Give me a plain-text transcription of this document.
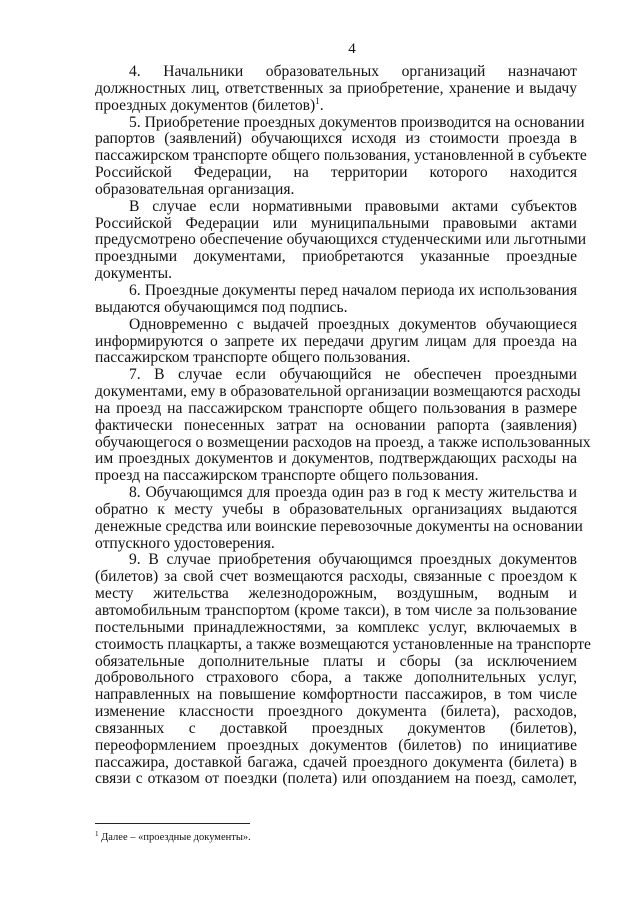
4
4. Начальники образовательных организаций назначают
должностных лиц, ответственных за приобретение, хранение и выдачу
проездных документов (билетов)$^1$.
5. Приобретение проездных документов производится на основании
рапортов (заявлений) обучающихся исходя из стоимости проезда в
пассажирском транспорте общего пользования, установленной в субъекте
Российской Федерации, на территории которого находится
образовательная организация.
В случае если нормативными правовыми актами субъектов
Российской Федерации или муниципальными правовыми актами
предусмотрено обеспечение обучающихся студенческими или льготными
проездными документами, приобретаются указанные проездные
документы.
6. Проездные документы перед началом периода их использования
выдаются обучающимся под подпись.
Одновременно с выдачей проездных документов обучающиеся
информируются о запрете их передачи другим лицам для проезда на
пассажирском транспорте общего пользования.
7. В случае если обучающийся не обеспечен проездными
документами, ему в образовательной организации возмещаются расходы
на проезд на пассажирском транспорте общего пользования в размере
фактически понесенных затрат на основании рапорта (заявления)
обучающегося о возмещении расходов на проезд, а также использованных
им проездных документов и документов, подтверждающих расходы на
проезд на пассажирском транспорте общего пользования.
8. Обучающимся для проезда один раз в год к месту жительства и
обратно к месту учебы в образовательных организациях выдаются
денежные средства или воинские перевозочные документы на основании
отпускного удостоверения.
9. В случае приобретения обучающимся проездных документов
(билетов) за свой счет возмещаются расходы, связанные с проездом к
месту жительства железнодорожным, воздушным, водным и
автомобильным транспортом (кроме такси), в том числе за пользование
постельными принадлежностями, за комплекс услуг, включаемых в
стоимость плацкарты, а также возмещаются установленные на транспорте
обязательные дополнительные платы и сборы (за исключением
добровольного страхового сбора, а также дополнительных услуг,
направленных на повышение комфортности пассажиров, в том числе
изменение классности проездного документа (билета), расходов,
связанных с доставкой проездных документов (билетов),
переоформлением проездных документов (билетов) по инициативе
пассажира, доставкой багажа, сдачей проездного документа (билета) в
связи с отказом от поездки (полета) или опозданием на поезд, самолет,
$^1$ Далее – «проездные документы».
